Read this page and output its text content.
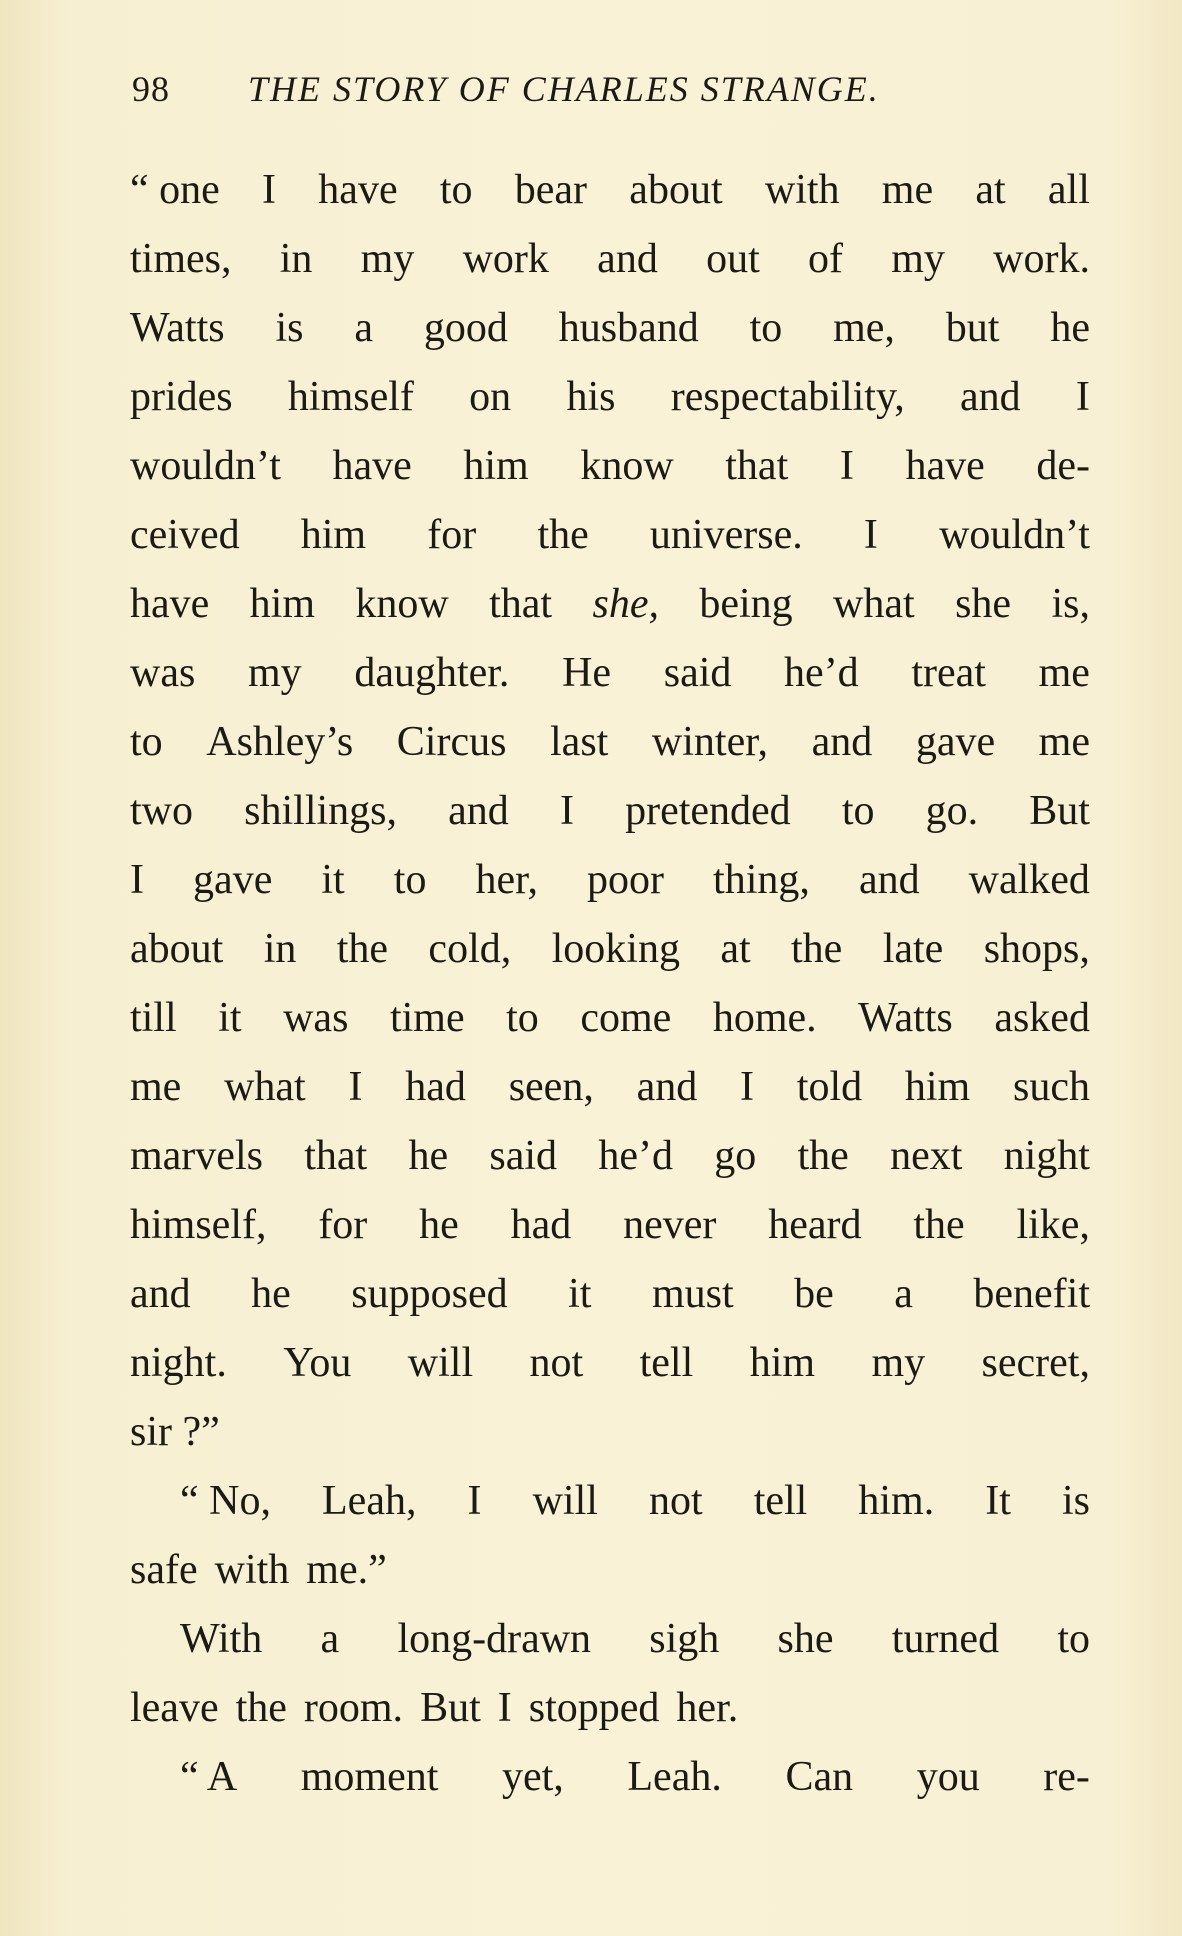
98 THE STORY OF CHARLES STRANGE.
“ one I have to bear about with me at all
times, in my work and out of my work.
Watts is a good husband to me, but he
prides himself on his respectability, and I
wouldn’t have him know that I have de-
ceived him for the universe. I wouldn’t
have him know that she, being what she is,
was my daughter. He said he’d treat me
to Ashley’s Circus last winter, and gave me
two shillings, and I pretended to go. But
I gave it to her, poor thing, and walked
about in the cold, looking at the late shops,
till it was time to come home. Watts asked
me what I had seen, and I told him such
marvels that he said he’d go the next night
himself, for he had never heard the like,
and he supposed it must be a benefit
night. You will not tell him my secret,
sir ?”
“ No, Leah, I will not tell him. It is
safe with me.”
With a long-drawn sigh she turned to
leave the room. But I stopped her.
“ A moment yet, Leah. Can you re-
